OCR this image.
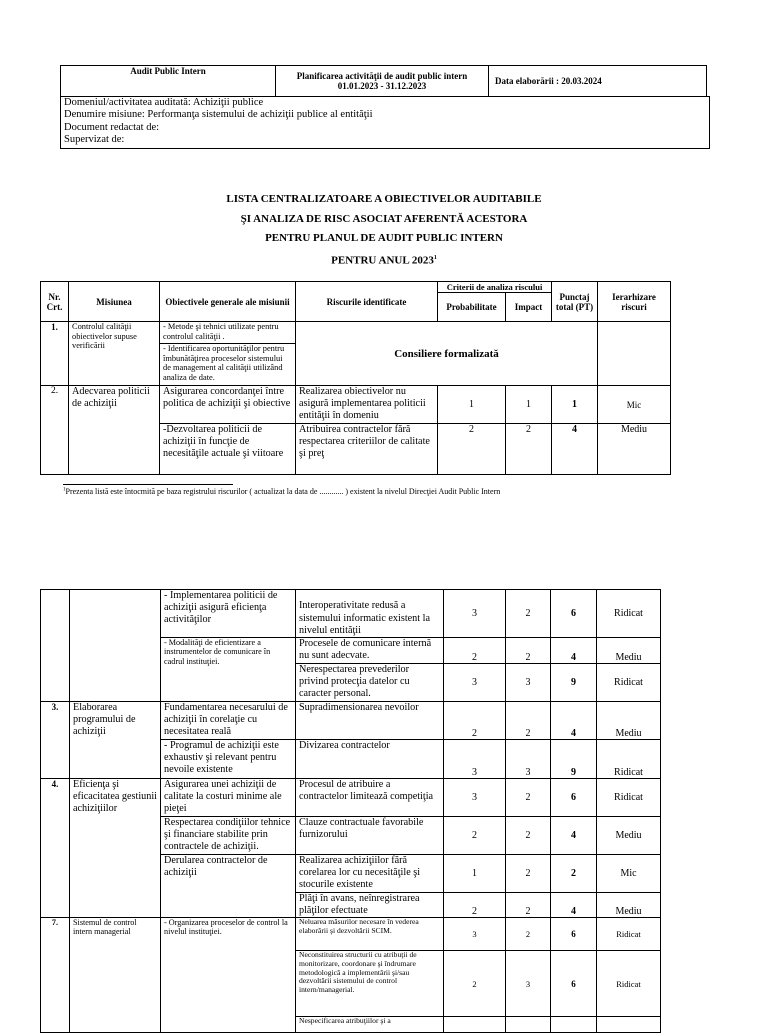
Audit Public Intern	Planificarea activităţii de audit public intern
01.01.2023 - 31.12.2023	Data elaborării : 20.03.2024
Domeniul/activitatea auditată: Achiziţii publice
Denumire misiune: Performanţa sistemului de achiziţii publice al entităţii
Document redactat de:
Supervizat de:
LISTA CENTRALIZATOARE A OBIECTIVELOR AUDITABILE
ŞI ANALIZA DE RISC ASOCIAT AFERENTĂ ACESTORA
PENTRU PLANUL DE AUDIT PUBLIC INTERN
PENTRU ANUL 2023$^1$
Nr. Crt.	Misiunea	Obiectivele generale ale misiunii	Riscurile identificate	Criterii de analiza riscului		Punctaj total (PT)	Ierarhizare riscuri
				Probabilitate	Impact		
1.	Controlul calităţii obiectivelor supuse verificării	- Metode şi tehnici utilizate pentru controlul calităţii .	Consiliere formalizată				
		- Identificarea oportunităţilor pentru îmbunătăţirea proceselor sistemului de management al calităţii utilizând analiza de date.					
2.	Adecvarea politicii de achiziţii	Asigurarea concordanţei între politica de achiziţii şi obiective	Realizarea obiectivelor nu asigură implementarea politicii entităţii în domeniu	1	1	1	Mic
		-Dezvoltarea politicii de achiziţii în funcţie de necesităţile actuale şi viitoare	Atribuirea contractelor fără respectarea criteriilor de calitate şi preţ	2	2	4	Mediu
$^1$Prezenta listă este întocmită pe baza registrului riscurilor ( actualizat la data de ............ ) existent la nivelul Direcţiei Audit Public Intern
		- Implementarea politicii de achiziţii asigură eficienţa activităţilor	Interoperativitate redusă a sistemului informatic existent la nivelul entităţii	3	2	6	Ridicat
		- Modalităţi de eficientizare a instrumentelor de comunicare în cadrul instituţiei.	Procesele de comunicare internă nu sunt adecvate.	2	2	4	Mediu
			Nerespectarea prevederilor privind protecţia datelor cu caracter personal.	3	3	9	Ridicat
3.	Elaborarea programului de achiziţii	Fundamentarea necesarului de achiziţii în corelaţie cu necesitatea reală	Supradimensionarea nevoilor	2	2	4	Mediu
		- Programul de achiziţii este exhaustiv şi relevant pentru nevoile existente	Divizarea contractelor	3	3	9	Ridicat
4.	Eficienţa şi eficacitatea gestiunii achiziţiilor	Asigurarea unei achiziţii de calitate la costuri minime ale pieţei	Procesul de atribuire a contractelor limitează competiţia	3	2	6	Ridicat
		Respectarea condiţiilor tehnice şi financiare stabilite prin contractele de achiziţii.	Clauze contractuale favorabile furnizorului	2	2	4	Mediu
		Derularea contractelor de achiziţii	Realizarea achiziţiilor fără corelarea lor cu necesităţile şi stocurile existente	1	2	2	Mic
			Plăţi în avans, neînregistrarea plăţilor efectuate	2	2	4	Mediu
7.	Sistemul de control intern managerial	- Organizarea proceselor de control la nivelul instituţiei.	Neluarea măsurilor necesare în vederea elaborării şi dezvoltării SCIM.	3	2	6	Ridicat
			Neconstituirea structurii cu atribuţii de monitorizare, coordonare şi îndrumare metodologică a implementării şi/sau dezvoltării sistemului de control intern/managerial.	2	3	6	Ridicat
			Nespecificarea atribuţiilor şi a				
